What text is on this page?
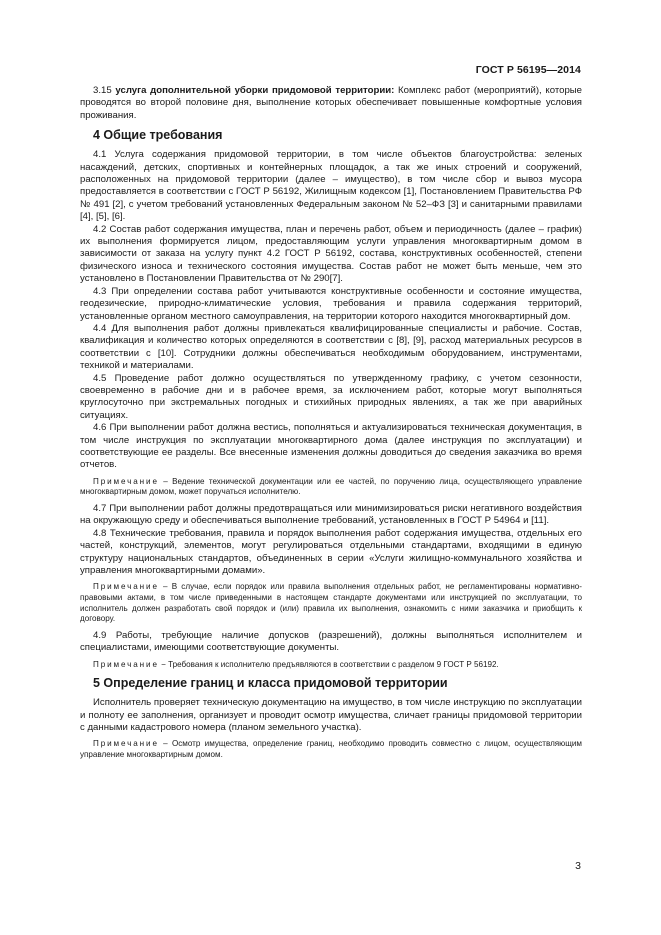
ГОСТ Р 56195—2014

3.15 услуга дополнительной уборки придомовой территории: Комплекс работ (мероприятий), которые проводятся во второй половине дня, выполнение которых обеспечивает повышенные комфортные условия проживания.

4 Общие требования

4.1 Услуга содержания придомовой территории, в том числе объектов благоустройства: зеленых насаждений, детских, спортивных и контейнерных площадок, а так же иных строений и сооружений, расположенных на придомовой территории (далее – имущество), в том числе сбор и вывоз мусора предоставляется в соответствии с ГОСТ Р 56192, Жилищным кодексом [1], Постановлением Правительства РФ № 491 [2], с учетом требований установленных Федеральным законом № 52–ФЗ [3] и санитарными правилами [4], [5], [6].

4.2 Состав работ содержания имущества, план и перечень работ, объем и периодичность (далее – график) их выполнения формируется лицом, предоставляющим услуги управления многоквартирным домом в зависимости от заказа на услугу пункт 4.2 ГОСТ Р 56192, состава, конструктивных особенностей, степени физического износа и технического состояния имущества. Состав работ не может быть меньше, чем это установлено в Постановлении Правительства от № 290[7].

4.3 При определении состава работ учитываются конструктивные особенности и состояние имущества, геодезические, природно-климатические условия, требования и правила содержания территорий, установленные органом местного самоуправления, на территории которого находится многоквартирный дом.

4.4 Для выполнения работ должны привлекаться квалифицированные специалисты и рабочие. Состав, квалификация и количество которых определяются в соответствии с [8], [9], расход материальных ресурсов в соответствии с [10]. Сотрудники должны обеспечиваться необходимым оборудованием, инструментами, техникой и материалами.

4.5 Проведение работ должно осуществляться по утвержденному графику, с учетом сезонности, своевременно в рабочие дни и в рабочее время, за исключением работ, которые могут выполняться круглосуточно при экстремальных погодных и стихийных природных явлениях, а так же при аварийных ситуациях.

4.6 При выполнении работ должна вестись, пополняться и актуализироваться техническая документация, в том числе инструкция по эксплуатации многоквартирного дома (далее инструкция по эксплуатации) и соответствующие ее разделы. Все внесенные изменения должны доводиться до сведения заказчика во время отчетов.

Примечание – Ведение технической документации или ее частей, по поручению лица, осуществляющего управление многоквартирным домом, может поручаться исполнителю.

4.7 При выполнении работ должны предотвращаться или минимизироваться риски негативного воздействия на окружающую среду и обеспечиваться выполнение требований, установленных в ГОСТ Р 54964 и [11].

4.8 Технические требования, правила и порядок выполнения работ содержания имущества, отдельных его частей, конструкций, элементов, могут регулироваться отдельными стандартами, входящими в единую структуру национальных стандартов, объединенных в серии «Услуги жилищно-коммунального хозяйства и управления многоквартирными домами».

Примечание – В случае, если порядок или правила выполнения отдельных работ, не регламентированы нормативно-правовыми актами, в том числе приведенными в настоящем стандарте документами или инструкцией по эксплуатации, то исполнитель должен разработать свой порядок и (или) правила их выполнения, ознакомить с ними заказчика и приобщить к договору.

4.9 Работы, требующие наличие допусков (разрешений), должны выполняться исполнителем и специалистами, имеющими соответствующие документы.

Примечание − Требования к исполнителю предъявляются в соответствии с разделом 9 ГОСТ Р 56192.
5 Определение границ и класса придомовой территории

Исполнитель проверяет техническую документацию на имущество, в том числе инструкцию по эксплуатации и полноту ее заполнения, организует и проводит осмотр имущества, сличает границы придомовой территории с данными кадастрового номера (планом земельного участка).

Примечание – Осмотр имущества, определение границ, необходимо проводить совместно с лицом, осуществляющим управление многоквартирным домом.
3
